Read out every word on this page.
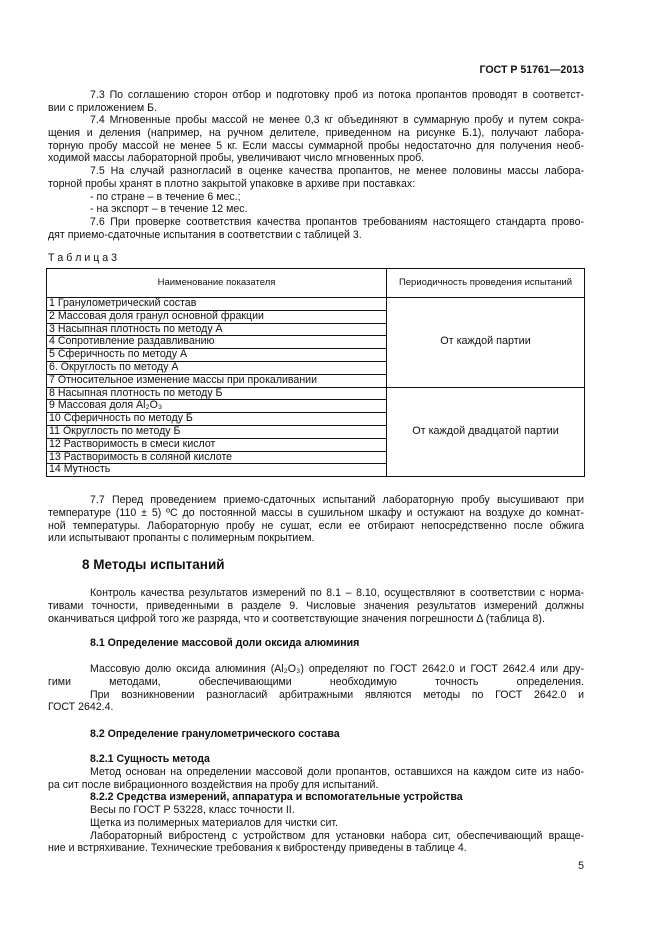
ГОСТ Р 51761—2013
7.3 По соглашению сторон отбор и подготовку проб из потока пропантов проводят в соответст-
вии с приложением Б.
7.4 Мгновенные пробы массой не менее 0,3 кг объединяют в суммарную пробу и путем сокра-
щения и деления (например, на ручном делителе, приведенном на рисунке Б.1), получают лабора-
торную пробу массой не менее 5 кг. Если массы суммарной пробы недостаточно для получения необ-
ходимой массы лабораторной пробы, увеличивают число мгновенных проб.
7.5 На случай разногласий в оценке качества пропантов, не менее половины массы лабора-
торной пробы хранят в плотно закрытой упаковке в архиве при поставках:
- по стране – в течение 6 мес.;
- на экспорт – в течение 12 мес.
7.6 При проверке соответствия качества пропантов требованиям настоящего стандарта прово-
дят приемо-сдаточные испытания в соответствии с таблицей 3.
Т а б л и ц а 3
Наименование показателя	Периодичность проведения испытаний
1 Гранулометрический состав	От каждой партии
2 Массовая доля гранул основной фракции	
3 Насыпная плотность по методу А	
4 Сопротивление раздавливанию	
5 Сферичность по методу А	
6. Округлость по методу А	
7 Относительное изменение массы при прокаливании	
8 Насыпная плотность по методу Б	От каждой двадцатой партии
9 Массовая доля Al₂O₃	
10 Сферичность по методу Б	
11 Округлость по методу Б	
12 Растворимость в смеси кислот	
13 Растворимость в соляной кислоте	
14 Мутность	
7.7 Перед проведением приемо-сдаточных испытаний лабораторную пробу высушивают при
температуре (110 ± 5) ºС до постоянной массы в сушильном шкафу и остужают на воздухе до комнат-
ной температуры. Лабораторную пробу не сушат, если ее отбирают непосредственно после обжига
или испытывают пропанты с полимерным покрытием.
8 Методы испытаний
Контроль качества результатов измерений по 8.1 – 8.10, осуществляют в соответствии с норма-
тивами точности, приведенными в разделе 9. Числовые значения результатов измерений должны
оканчиваться цифрой того же разряда, что и соответствующие значения погрешности Δ (таблица 8).
8.1 Определение массовой доли оксида алюминия
Массовую долю оксида алюминия (Al₂O₃) определяют по ГОСТ 2642.0 и ГОСТ 2642.4 или дру-
гими методами, обеспечивающими необходимую точность определения.
При возникновении разногласий арбитражными являются методы по ГОСТ 2642.0 и
ГОСТ 2642.4.
8.2 Определение гранулометрического состава
8.2.1 Сущность метода
Метод основан на определении массовой доли пропантов, оставшихся на каждом сите из набо-
ра сит после вибрационного воздействия на пробу для испытаний.
8.2.2 Средства измерений, аппаратура и вспомогательные устройства
Весы по ГОСТ Р 53228, класс точности II.
Щетка из полимерных материалов для чистки сит.
Лабораторный вибростенд с устройством для установки набора сит, обеспечивающий враще-
ние и встряхивание. Технические требования к вибростенду приведены в таблице 4.
5
